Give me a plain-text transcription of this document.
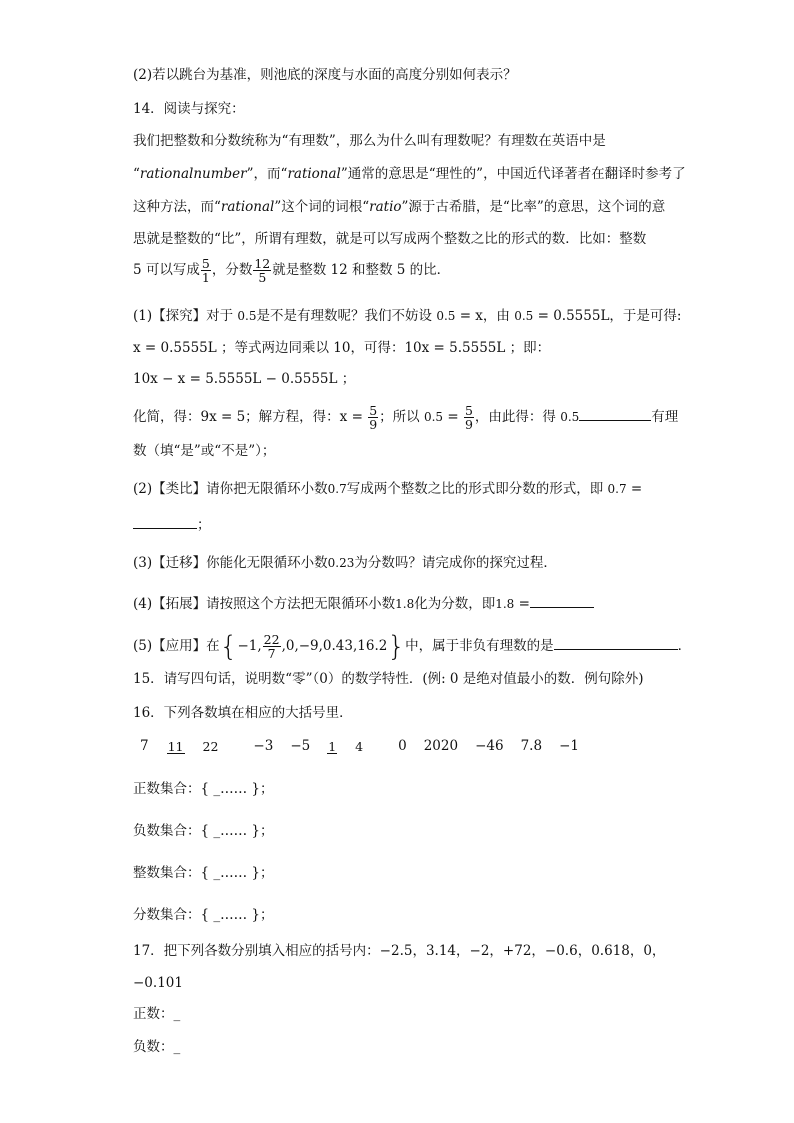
(2)若以跳台为基准，则池底的深度与水面的高度分别如何表示？
14．阅读与探究：
我们把整数和分数统称为“有理数”，那么为什么叫有理数呢？有理数在英语中是
“rationalnumber”，而“rational”通常的意思是“理性的”，中国近代译著者在翻译时参考了
这种方法，而“rational”这个词的词根“ratio”源于古希腊，是“比率”的意思，这个词的意
思就是整数的“比”，所谓有理数，就是可以写成两个整数之比的形式的数．比如：整数
5 可以写成 $\frac{5}{1}$ ，分数 $\frac{12}{5}$ 就是整数 12 和整数 5 的比．
(1)【探究】对于 0.5是不是有理数呢？我们不妨设 0.5 = x，由 0.5 = 0.5555L，于是可得:
x = 0.5555L ；等式两边同乘以 10，可得：10x = 5.5555L ；即：
10x − x = 5.5555L − 0.5555L ；
化简，得：9x = 5；解方程，得：$x = \frac{5}{9}$ ；所以 $0.5 = \frac{5}{9}$ ，由此得：得 0.5	有理
数（填“是”或“不是”）；
(2)【类比】请你把无限循环小数0.7写成两个整数之比的形式即分数的形式，即 0.7 =
；
(3)【迁移】你能化无限循环小数0.23为分数吗？请完成你的探究过程．
(4)【拓展】请按照这个方法把无限循环小数1.8化为分数，即1.8 =
(5)【应用】在{−1, $\frac{22}{7} ,0,-9,0.43,16.2$}中，属于非负有理数的是	．
15．请写四句话，说明数“零”（0）的数学特性．(例: 0 是绝对值最小的数．例句除外)
16．下列各数填在相应的大括号里．
7 11 22	−3 −5 1 4	0 2020 −46 7.8 −1
正数集合：{ _…… }；
负数集合：{ _…… }；
整数集合：{ _…… }；
分数集合：{ _…… }；
17．把下列各数分别填入相应的括号内：−2.5，3.14，−2，+72，−0.6，0.618，0，
−0.101
正数：_
负数：_
